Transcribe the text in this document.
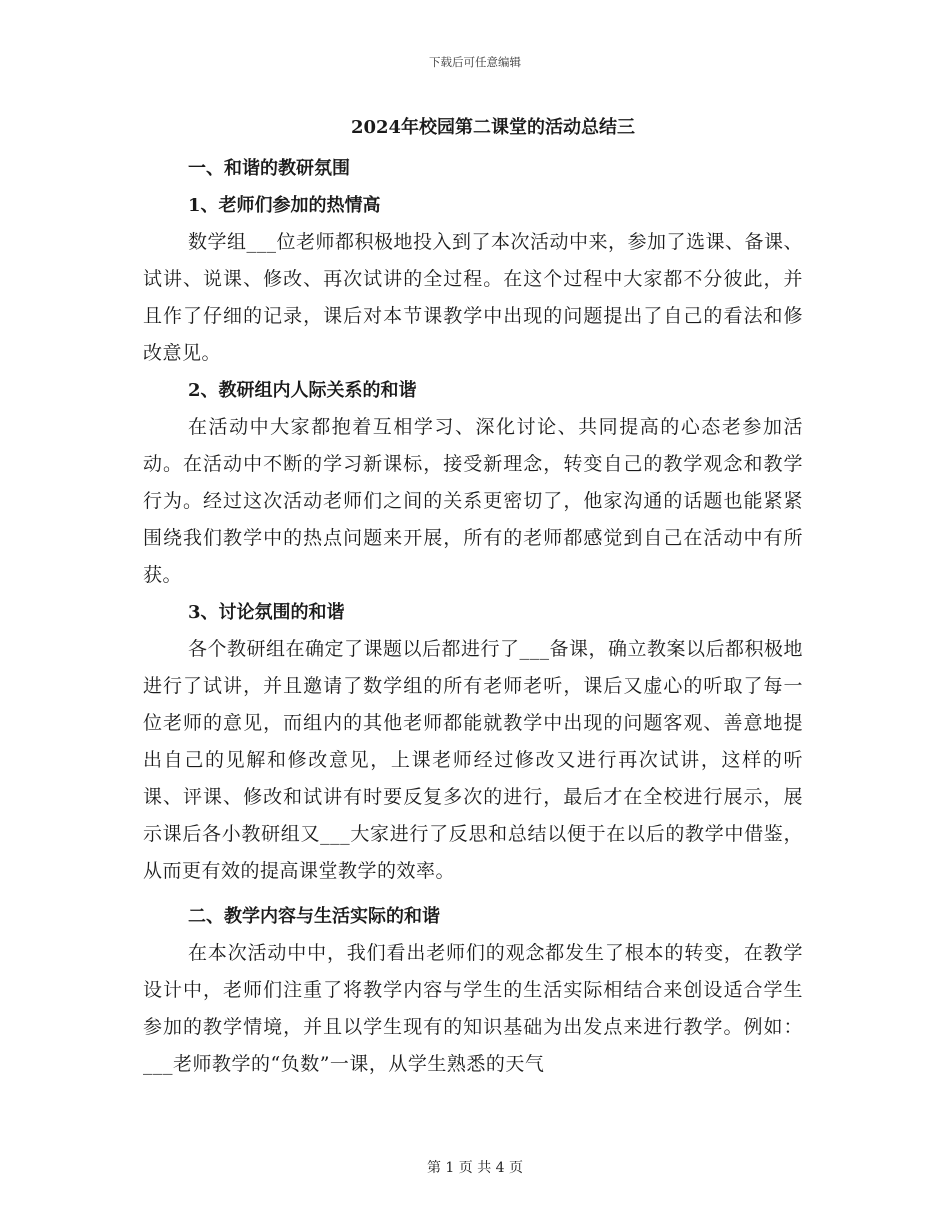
下载后可任意编辑
2024年校园第二课堂的活动总结三
一、和谐的教研氛围
1、老师们参加的热情高

数学组___位老师都积极地投入到了本次活动中来，参加了选课、备课、试讲、说课、修改、再次试讲的全过程。在这个过程中大家都不分彼此，并且作了仔细的记录，课后对本节课教学中出现的问题提出了自己的看法和修改意见。

2、教研组内人际关系的和谐

在活动中大家都抱着互相学习、深化讨论、共同提高的心态老参加活动。在活动中不断的学习新课标，接受新理念，转变自己的教学观念和教学行为。经过这次活动老师们之间的关系更密切了，他家沟通的话题也能紧紧围绕我们教学中的热点问题来开展，所有的老师都感觉到自己在活动中有所获。

3、讨论氛围的和谐

各个教研组在确定了课题以后都进行了___备课，确立教案以后都积极地进行了试讲，并且邀请了数学组的所有老师老听，课后又虚心的听取了每一位老师的意见，而组内的其他老师都能就教学中出现的问题客观、善意地提出自己的见解和修改意见，上课老师经过修改又进行再次试讲，这样的听课、评课、修改和试讲有时要反复多次的进行，最后才在全校进行展示，展示课后各小教研组又___大家进行了反思和总结以便于在以后的教学中借鉴，从而更有效的提高课堂教学的效率。

二、教学内容与生活实际的和谐

在本次活动中中，我们看出老师们的观念都发生了根本的转变，在教学设计中，老师们注重了将教学内容与学生的生活实际相结合来创设适合学生参加的教学情境，并且以学生现有的知识基础为出发点来进行教学。例如：___老师教学的“负数”一课，从学生熟悉的天气

第 1 页 共 4 页
